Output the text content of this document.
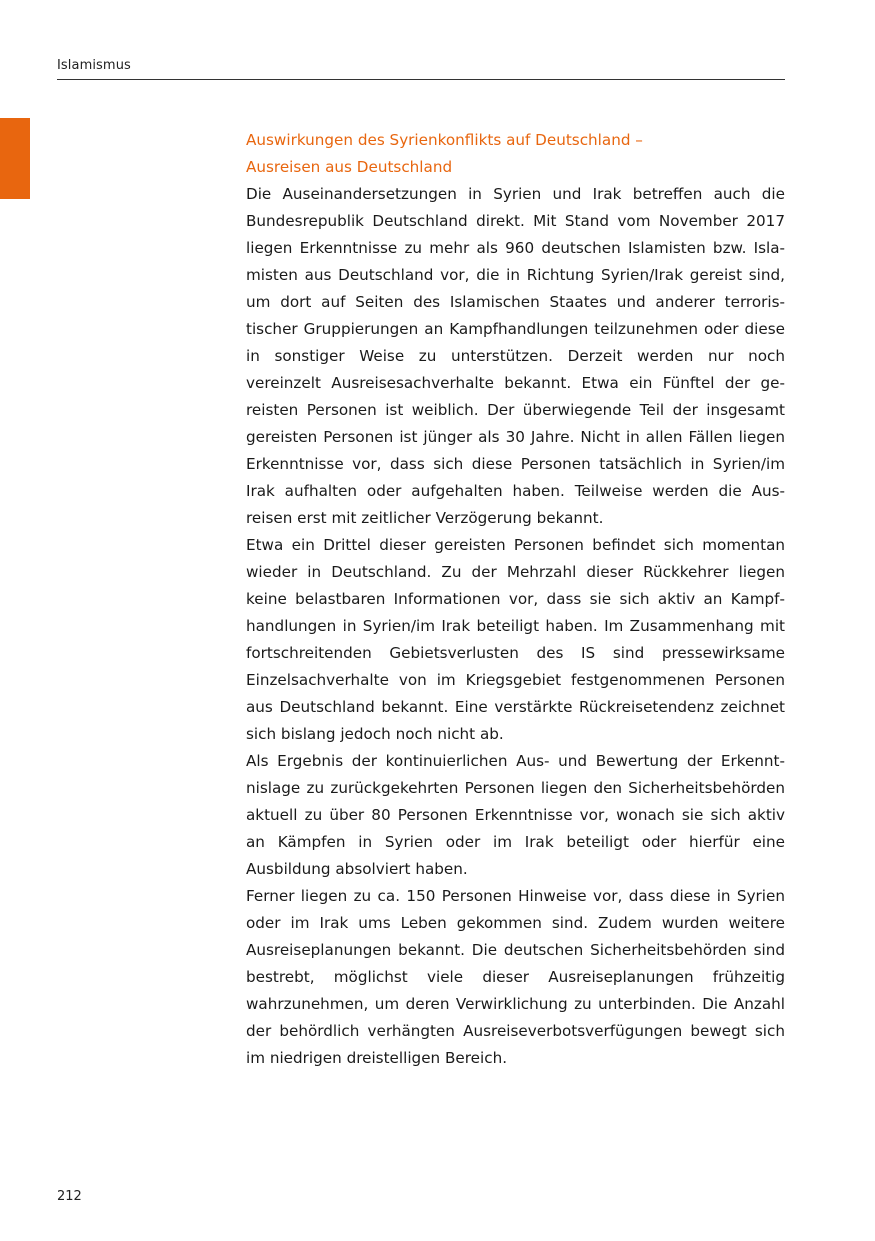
Islamismus
Auswirkungen des Syrienkonflikts auf Deutschland –
Ausreisen aus Deutschland

Die Auseinandersetzungen in Syrien und Irak betreffen auch die Bundesrepublik Deutschland direkt. Mit Stand vom November 2017 liegen Erkenntnisse zu mehr als 960 deutschen Islamisten bzw. Islamisten aus Deutschland vor, die in Richtung Syrien/Irak gereist sind, um dort auf Seiten des Islamischen Staates und anderer terroristischer Gruppierungen an Kampfhandlungen teilzunehmen oder diese in sonstiger Weise zu unterstützen. Derzeit werden nur noch vereinzelt Ausreisesachverhalte bekannt. Etwa ein Fünftel der gereisten Personen ist weiblich. Der überwiegende Teil der insgesamt gereisten Personen ist jünger als 30 Jahre. Nicht in allen Fällen liegen Erkenntnisse vor, dass sich diese Personen tatsächlich in Syrien/im Irak aufhalten oder aufgehalten haben. Teilweise werden die Ausreisen erst mit zeitlicher Verzögerung bekannt.

Etwa ein Drittel dieser gereisten Personen befindet sich momentan wieder in Deutschland. Zu der Mehrzahl dieser Rückkehrer liegen keine belastbaren Informationen vor, dass sie sich aktiv an Kampfhandlungen in Syrien/im Irak beteiligt haben. Im Zusammenhang mit fortschreitenden Gebietsverlusten des IS sind pressewirksame Einzelsachverhalte von im Kriegsgebiet festgenommenen Personen aus Deutschland bekannt. Eine verstärkte Rückreisetendenz zeichnet sich bislang jedoch noch nicht ab.

Als Ergebnis der kontinuierlichen Aus- und Bewertung der Erkenntnislage zu zurückgekehrten Personen liegen den Sicherheitsbehörden aktuell zu über 80 Personen Erkenntnisse vor, wonach sie sich aktiv an Kämpfen in Syrien oder im Irak beteiligt oder hierfür eine Ausbildung absolviert haben.

Ferner liegen zu ca. 150 Personen Hinweise vor, dass diese in Syrien oder im Irak ums Leben gekommen sind. Zudem wurden weitere Ausreiseplanungen bekannt. Die deutschen Sicherheitsbehörden sind bestrebt, möglichst viele dieser Ausreiseplanungen frühzeitig wahrzunehmen, um deren Verwirklichung zu unterbinden. Die Anzahl der behördlich verhängten Ausreiseverbotsverfügungen bewegt sich im niedrigen dreistelligen Bereich.

212
